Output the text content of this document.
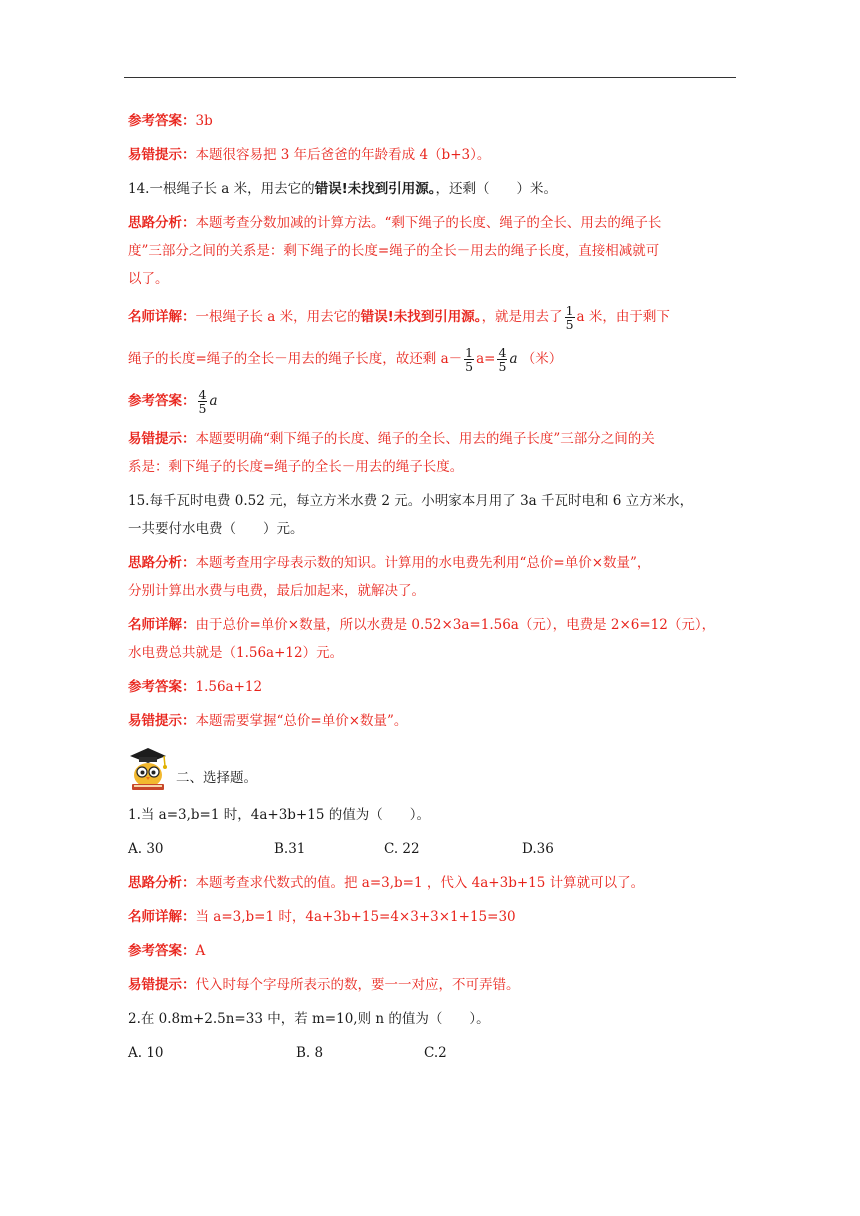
参考答案：3b
易错提示：本题很容易把 3 年后爸爸的年龄看成 4（b+3）。
14.一根绳子长 a 米，用去它的错误!未找到引用源。，还剩（　　）米。
思路分析：本题考查分数加减的计算方法。“剩下绳子的长度、绳子的全长、用去的绳子长
度”三部分之间的关系是：剩下绳子的长度=绳子的全长－用去的绳子长度，直接相减就可
以了。
名师详解：一根绳子长 a 米，用去它的错误!未找到引用源。，就是用去了 $\frac{1}{5}$ a 米，由于剩下
绳子的长度=绳子的全长－用去的绳子长度，故还剩 $a- \frac{1}{5} a= \frac{4}{5}$ a （米）
参考答案： $\frac{4}{5}$ a
易错提示：本题要明确“剩下绳子的长度、绳子的全长、用去的绳子长度”三部分之间的关
系是：剩下绳子的长度=绳子的全长－用去的绳子长度。
15.每千瓦时电费 0.52 元，每立方米水费 2 元。小明家本月用了 3a 千瓦时电和 6 立方米水，
一共要付水电费（　　）元。
思路分析：本题考查用字母表示数的知识。计算用的水电费先利用“总价=单价×数量”，
分别计算出水费与电费，最后加起来，就解决了。
名师详解：由于总价=单价×数量，所以水费是 0.52×3a=1.56a（元），电费是 2×6=12（元），
水电费总共就是（1.56a+12）元。
参考答案：1.56a+12
易错提示：本题需要掌握“总价=单价×数量”。
二、选择题。
1.当 a=3,b=1 时，4a+3b+15 的值为（　　）。
A. 30	B.31	C. 22	D.36
思路分析：本题考查求代数式的值。把 a=3,b=1 ，代入 4a+3b+15 计算就可以了。
名师详解：当 a=3,b=1 时，4a+3b+15=4×3+3×1+15=30
参考答案：A
易错提示：代入时每个字母所表示的数，要一一对应，不可弄错。
2.在 0.8m+2.5n=33 中，若 m=10,则 n 的值为（　　）。
A. 10	B. 8	C.2
